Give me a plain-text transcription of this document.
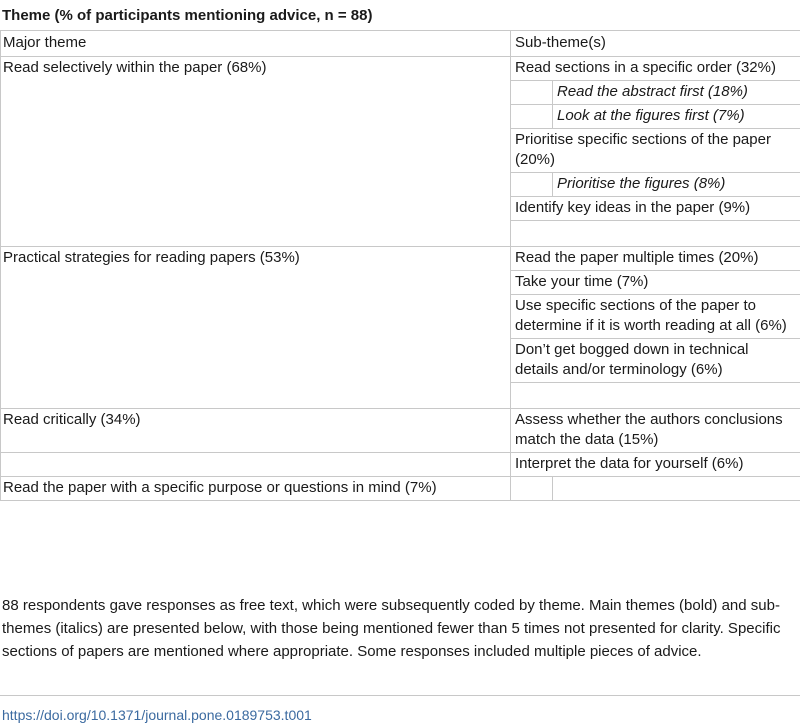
Theme (% of participants mentioning advice, n = 88)
Major theme	Sub-theme(s)	
Read selectively within the paper (68%)	Read sections in a specific order (32%)	
		Read the abstract first (18%)
		Look at the figures first (7%)
	Prioritise specific sections of the paper (20%)	
		Prioritise the figures (8%)
	Identify key ideas in the paper (9%)	

Practical strategies for reading papers (53%)	Read the paper multiple times (20%)	
	Take your time (7%)	
	Use specific sections of the paper to determine if it is worth reading at all (6%)	
	Don’t get bogged down in technical details and/or terminology (6%)	

Read critically (34%)	Assess whether the authors conclusions match the data (15%)	
	Interpret the data for yourself (6%)	
Read the paper with a specific purpose or questions in mind (7%)		
88 respondents gave responses as free text, which were subsequently coded by theme. Main themes (bold) and sub-themes (italics) are presented below, with those being mentioned fewer than 5 times not presented for clarity. Specific sections of papers are mentioned where appropriate. Some responses included multiple pieces of advice.
https://doi.org/10.1371/journal.pone.0189753.t001
